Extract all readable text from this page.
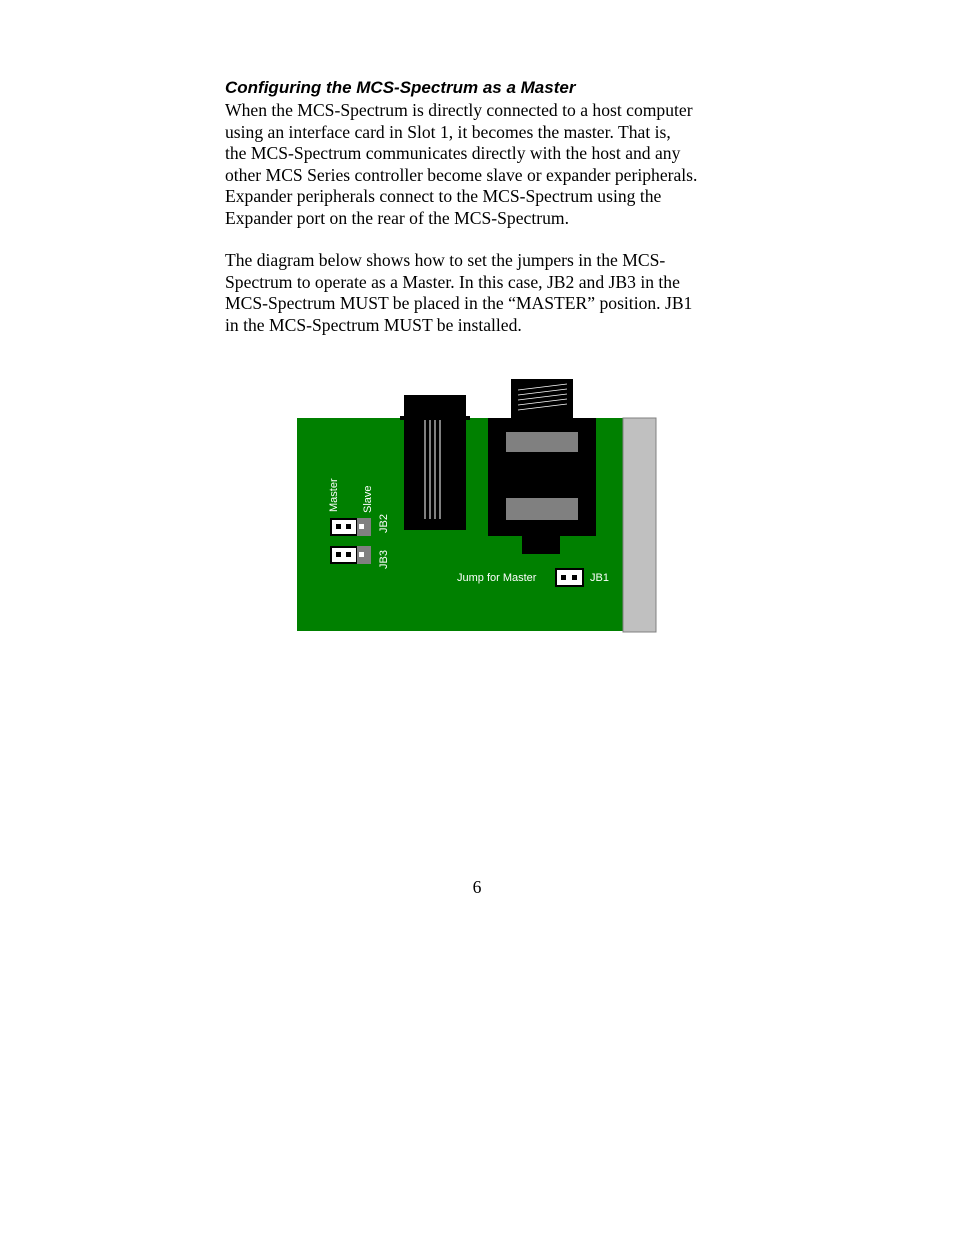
Configuring the MCS-Spectrum as a Master
When the MCS-Spectrum is directly connected to a host computer
using an interface card in Slot 1, it becomes the master. That is,
the MCS-Spectrum communicates directly with the host and any
other MCS Series controller become slave or expander peripherals.
Expander peripherals connect to the MCS-Spectrum using the
Expander port on the rear of the MCS-Spectrum.
The diagram below shows how to set the jumpers in the MCS-
Spectrum to operate as a Master. In this case, JB2 and JB3 in the
MCS-Spectrum MUST be placed in the “MASTER” position. JB1
in the MCS-Spectrum MUST be installed.
Master Slave
JB2
JB3
Jump for Master	JB1
6
